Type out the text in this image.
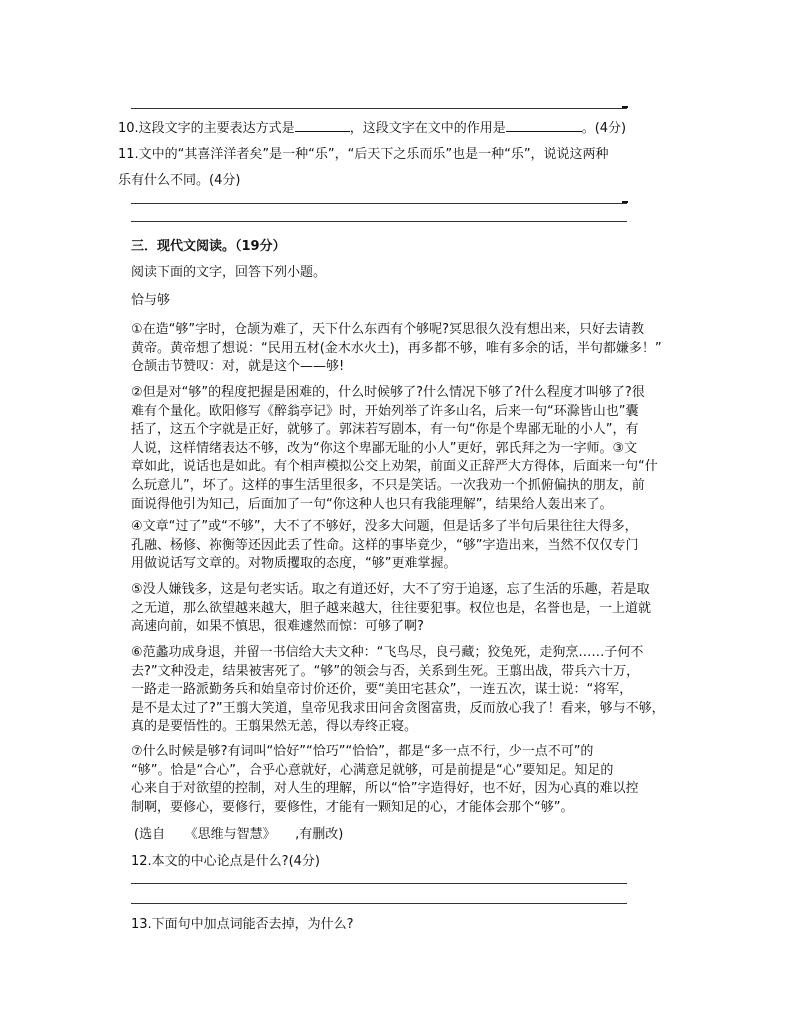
10.这段文字的主要表达方式是	，这段文字在文中的作用是	。(4分)
11.文中的“其喜洋洋者矣”是一种“乐”，“后天下之乐而乐”也是一种“乐”，说说这两种
乐有什么不同。(4分)
三．现代文阅读。（19分）
阅读下面的文字，回答下列小题。
恰与够
①在造“够”字时，仓颉为难了，天下什么东西有个够呢?冥思很久没有想出来，只好去请教
黄帝。黄帝想了想说：“民用五材(金木水火土)，再多都不够，唯有多余的话，半句都嫌多！”
仓颉击节赞叹：对，就是这个——够!
②但是对“够”的程度把握是困难的，什么时候够了?什么情况下够了?什么程度才叫够了?很
难有个量化。欧阳修写《醉翁亭记》时，开始列举了许多山名，后来一句“环滁皆山也”囊
括了，这五个字就是正好，就够了。郭沫若写剧本，有一句“你是个卑鄙无耻的小人”，有
人说，这样情绪表达不够，改为“你这个卑鄙无耻的小人”更好，郭氏拜之为一字师。③文
章如此，说话也是如此。有个相声模拟公交上劝架，前面义正辞严大方得体，后面来一句“什
么玩意儿”，坏了。这样的事生活里很多，不只是笑话。一次我劝一个抓俯偏执的朋友，前
面说得他引为知己，后面加了一句“你这种人也只有我能理解”，结果给人轰出来了。
④文章“过了”或“不够”，大不了不够好，没多大问题，但是话多了半句后果往往大得多，
孔融、杨修、祢衡等还因此丢了性命。这样的事毕竟少，“够”字造出来，当然不仅仅专门
用做说话写文章的。对物质攫取的态度，“够”更难掌握。
⑤没人嫌钱多，这是句老实话。取之有道还好，大不了穷于追逐，忘了生活的乐趣，若是取
之无道，那么欲望越来越大，胆子越来越大，往往要犯事。权位也是，名誉也是，一上道就
高速向前，如果不慎思，很难遽然而惊：可够了啊?
⑥范蠡功成身退，并留一书信给大夫文种：“飞鸟尽，良弓藏；狡兔死，走狗烹……子何不
去?”文种没走，结果被害死了。“够”的领会与否，关系到生死。王翦出战，带兵六十万，
一路走一路派勤务兵和始皇帝讨价还价，要“美田宅甚众”，一连五次，谋士说：“将军，
是不是太过了?”王翦大笑道，皇帝见我求田问舍贪图富贵，反而放心我了！看来，够与不够，
真的是要悟性的。王翦果然无恙，得以寿终正寝。
⑦什么时候是够?有词叫“恰好”“恰巧”“恰恰”，都是“多一点不行，少一点不可”的
“够”。恰是“合心”，合乎心意就好，心满意足就够，可是前提是“心”要知足。知足的
心来自于对欲望的控制，对人生的理解，所以“恰”字造得好，也不好，因为心真的难以控
制啊，要修心，要修行，要修性，才能有一颗知足的心，才能体会那个“够”。
(选自　　《思维与智慧》　　,有删改)
12.本文的中心论点是什么?(4分)
13.下面句中加点词能否去掉，为什么?
